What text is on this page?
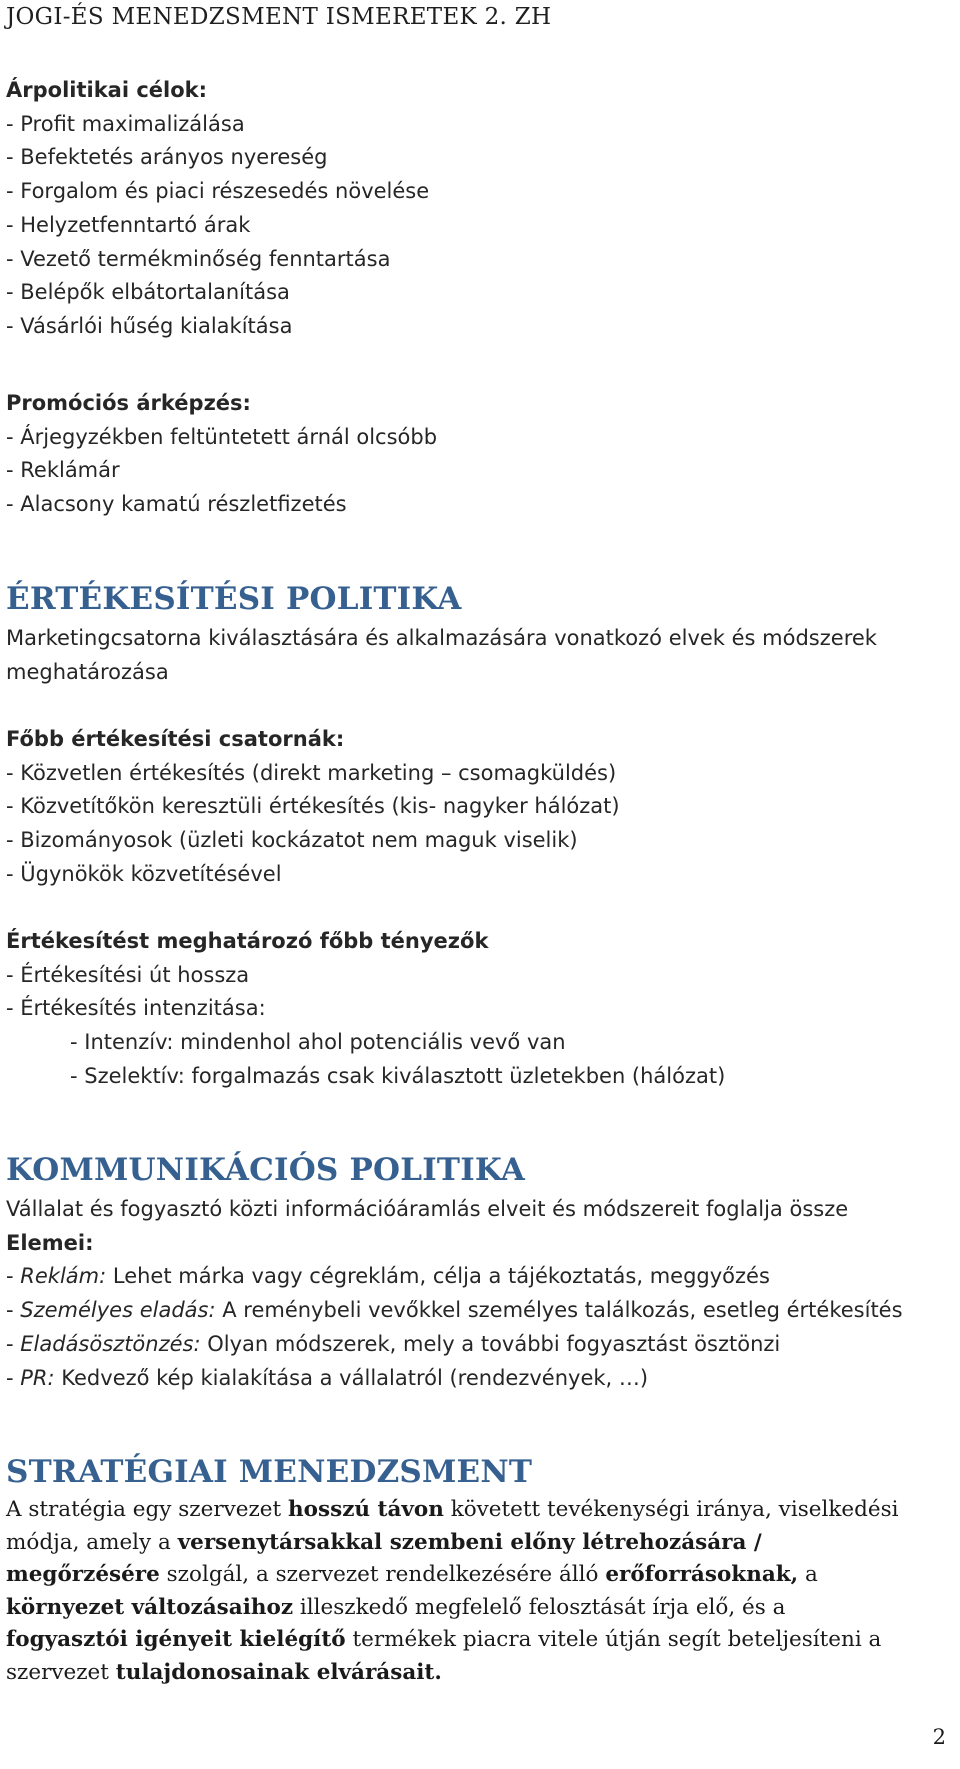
JOGI-ÉS MENEDZSMENT ISMERETEK 2. ZH
Árpolitikai célok:
- Profit maximalizálása
- Befektetés arányos nyereség
- Forgalom és piaci részesedés növelése
- Helyzetfenntartó árak
- Vezető termékminőség fenntartása
- Belépők elbátortalanítása
- Vásárlói hűség kialakítása
Promóciós árképzés:
- Árjegyzékben feltüntetett árnál olcsóbb
- Reklámár
- Alacsony kamatú részletfizetés
ÉRTÉKESÍTÉSI POLITIKA
Marketingcsatorna kiválasztására és alkalmazására vonatkozó elvek és módszerek
meghatározása
Főbb értékesítési csatornák:
- Közvetlen értékesítés (direkt marketing – csomagküldés)
- Közvetítőkön keresztüli értékesítés (kis- nagyker hálózat)
- Bizományosok (üzleti kockázatot nem maguk viselik)
- Ügynökök közvetítésével
Értékesítést meghatározó főbb tényezők
- Értékesítési út hossza
- Értékesítés intenzitása:
- Intenzív: mindenhol ahol potenciális vevő van
- Szelektív: forgalmazás csak kiválasztott üzletekben (hálózat)
KOMMUNIKÁCIÓS POLITIKA
Vállalat és fogyasztó közti információáramlás elveit és módszereit foglalja össze
Elemei:
- Reklám: Lehet márka vagy cégreklám, célja a tájékoztatás, meggyőzés
- Személyes eladás: A reménybeli vevőkkel személyes találkozás, esetleg értékesítés
- Eladásösztönzés: Olyan módszerek, mely a további fogyasztást ösztönzi
- PR: Kedvező kép kialakítása a vállalatról (rendezvények, …)
STRATÉGIAI MENEDZSMENT
A stratégia egy szervezet hosszú távon követett tevékenységi iránya, viselkedési
módja, amely a versenytársakkal szembeni előny létrehozására /
megőrzésére szolgál, a szervezet rendelkezésére álló erőforrásoknak, a
környezet változásaihoz illeszkedő megfelelő felosztását írja elő, és a
fogyasztói igényeit kielégítő termékek piacra vitele útján segít beteljesíteni a
szervezet tulajdonosainak elvárásait.
2
